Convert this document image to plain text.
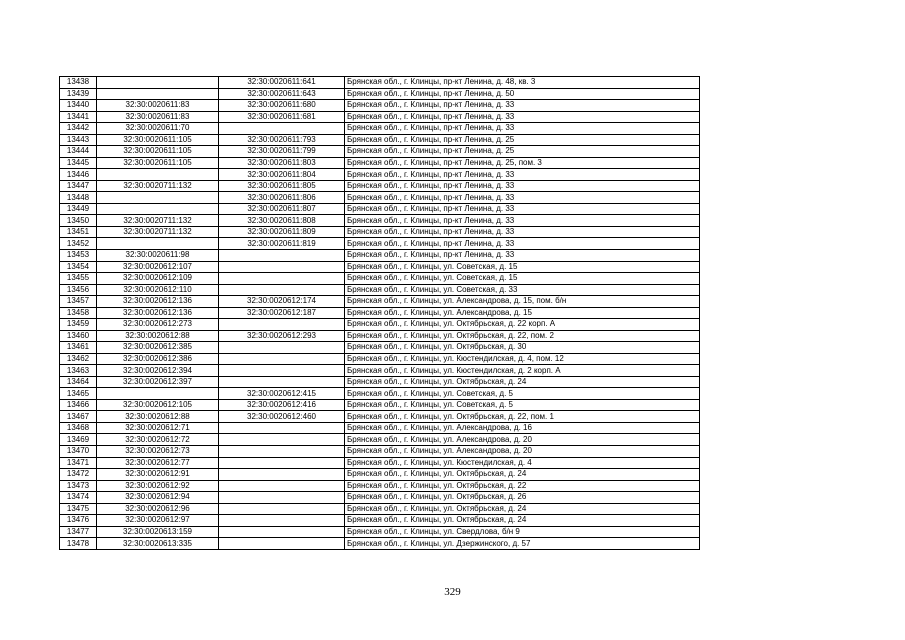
13438		32:30:0020611:641	Брянская обл., г. Клинцы, пр-кт Ленина, д. 48, кв. 3
13439		32:30:0020611:643	Брянская обл., г. Клинцы, пр-кт Ленина, д. 50
13440	32:30:0020611:83	32:30:0020611:680	Брянская обл., г. Клинцы, пр-кт Ленина, д. 33
13441	32:30:0020611:83	32:30:0020611:681	Брянская обл., г. Клинцы, пр-кт Ленина, д. 33
13442	32:30:0020611:70		Брянская обл., г. Клинцы, пр-кт Ленина, д. 33
13443	32:30:0020611:105	32:30:0020611:793	Брянская обл., г. Клинцы, пр-кт Ленина, д. 25
13444	32:30:0020611:105	32:30:0020611:799	Брянская обл., г. Клинцы, пр-кт Ленина, д. 25
13445	32:30:0020611:105	32:30:0020611:803	Брянская обл., г. Клинцы, пр-кт Ленина, д. 25, пом. 3
13446		32:30:0020611:804	Брянская обл., г. Клинцы, пр-кт Ленина, д. 33
13447	32:30:0020711:132	32:30:0020611:805	Брянская обл., г. Клинцы, пр-кт Ленина, д. 33
13448		32:30:0020611:806	Брянская обл., г. Клинцы, пр-кт Ленина, д. 33
13449		32:30:0020611:807	Брянская обл., г. Клинцы, пр-кт Ленина, д. 33
13450	32:30:0020711:132	32:30:0020611:808	Брянская обл., г. Клинцы, пр-кт Ленина, д. 33
13451	32:30:0020711:132	32:30:0020611:809	Брянская обл., г. Клинцы, пр-кт Ленина, д. 33
13452		32:30:0020611:819	Брянская обл., г. Клинцы, пр-кт Ленина, д. 33
13453	32:30:0020611:98		Брянская обл., г. Клинцы, пр-кт Ленина, д. 33
13454	32:30:0020612:107		Брянская обл., г. Клинцы, ул. Советская, д. 15
13455	32:30:0020612:109		Брянская обл., г. Клинцы, ул. Советская, д. 15
13456	32:30:0020612:110		Брянская обл., г. Клинцы, ул. Советская, д. 33
13457	32:30:0020612:136	32:30:0020612:174	Брянская обл., г. Клинцы, ул. Александрова, д. 15, пом. б/н
13458	32:30:0020612:136	32:30:0020612:187	Брянская обл., г. Клинцы, ул. Александрова, д. 15
13459	32:30:0020612:273		Брянская обл., г. Клинцы, ул. Октябрьская, д. 22 корп. А
13460	32:30:0020612:88	32:30:0020612:293	Брянская обл., г. Клинцы, ул. Октябрьская, д. 22, пом. 2
13461	32:30:0020612:385		Брянская обл., г. Клинцы, ул. Октябрьская, д. 30
13462	32:30:0020612:386		Брянская обл., г. Клинцы, ул. Кюстендилская, д. 4, пом. 12
13463	32:30:0020612:394		Брянская обл., г. Клинцы, ул. Кюстендилская, д. 2 корп. А
13464	32:30:0020612:397		Брянская обл., г. Клинцы, ул. Октябрьская, д. 24
13465		32:30:0020612:415	Брянская обл., г. Клинцы, ул. Советская, д. 5
13466	32:30:0020612:105	32:30:0020612:416	Брянская обл., г. Клинцы, ул. Советская, д. 5
13467	32:30:0020612:88	32:30:0020612:460	Брянская обл., г. Клинцы, ул. Октябрьская, д. 22, пом. 1
13468	32:30:0020612:71		Брянская обл., г. Клинцы, ул. Александрова, д. 16
13469	32:30:0020612:72		Брянская обл., г. Клинцы, ул. Александрова, д. 20
13470	32:30:0020612:73		Брянская обл., г. Клинцы, ул. Александрова, д. 20
13471	32:30:0020612:77		Брянская обл., г. Клинцы, ул. Кюстендилская, д. 4
13472	32:30:0020612:91		Брянская обл., г. Клинцы, ул. Октябрьская, д. 24
13473	32:30:0020612:92		Брянская обл., г. Клинцы, ул. Октябрьская, д. 22
13474	32:30:0020612:94		Брянская обл., г. Клинцы, ул. Октябрьская, д. 26
13475	32:30:0020612:96		Брянская обл., г. Клинцы, ул. Октябрьская, д. 24
13476	32:30:0020612:97		Брянская обл., г. Клинцы, ул. Октябрьская, д. 24
13477	32:30:0020613:159		Брянская обл., г. Клинцы, ул. Свердлова, б/н 9
13478	32:30:0020613:335		Брянская обл., г. Клинцы, ул. Дзержинского, д. 57
329
